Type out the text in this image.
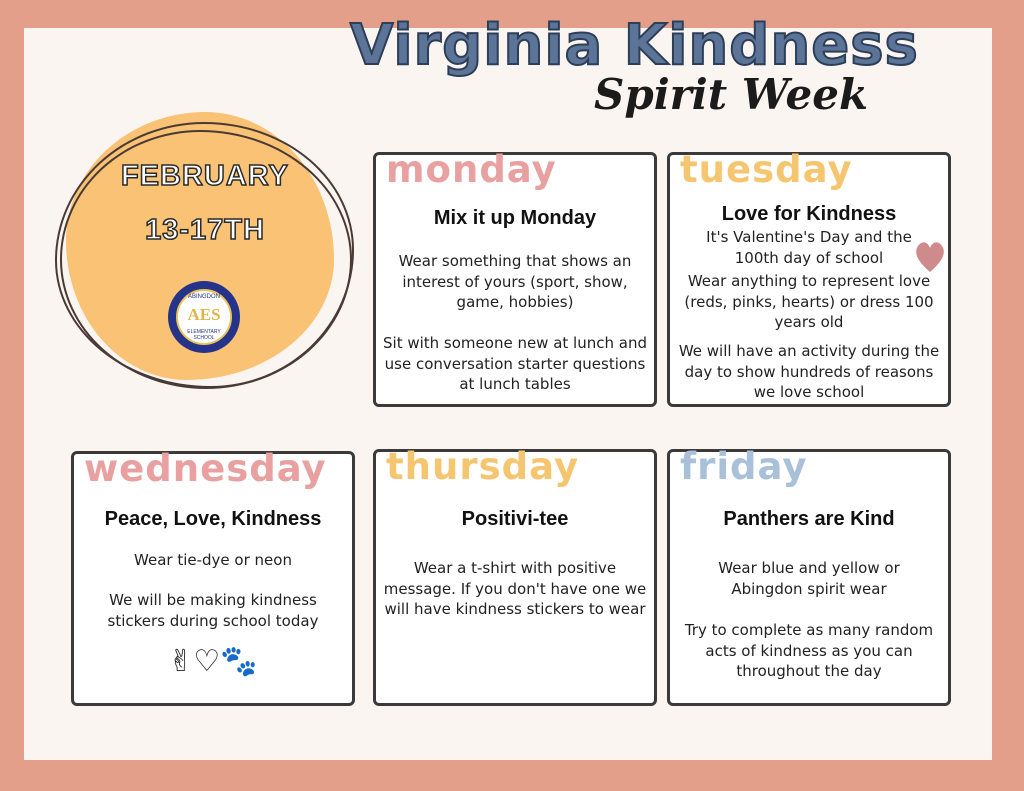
Virginia Kindness
Spirit Week
FEBRUARY
13-17TH
ABINGDON
AES
ELEMENTARY SCHOOL
monday
Mix it up Monday
Wear something that shows an interest of yours (sport, show, game, hobbies)
Sit with someone new at lunch and use conversation starter questions at lunch tables
tuesday
Love for Kindness
It's Valentine's Day and the 100th day of school
Wear anything to represent love (reds, pinks, hearts) or dress 100 years old
We will have an activity during the day to show hundreds of reasons we love school
wednesday
Peace, Love, Kindness
Wear tie-dye or neon
We will be making kindness stickers during school today
✌♡🐾
thursday
Positivi-tee
Wear a t-shirt with positive message. If you don't have one we will have kindness stickers to wear
friday
Panthers are Kind
Wear blue and yellow or Abingdon spirit wear
Try to complete as many random acts of kindness as you can throughout the day
